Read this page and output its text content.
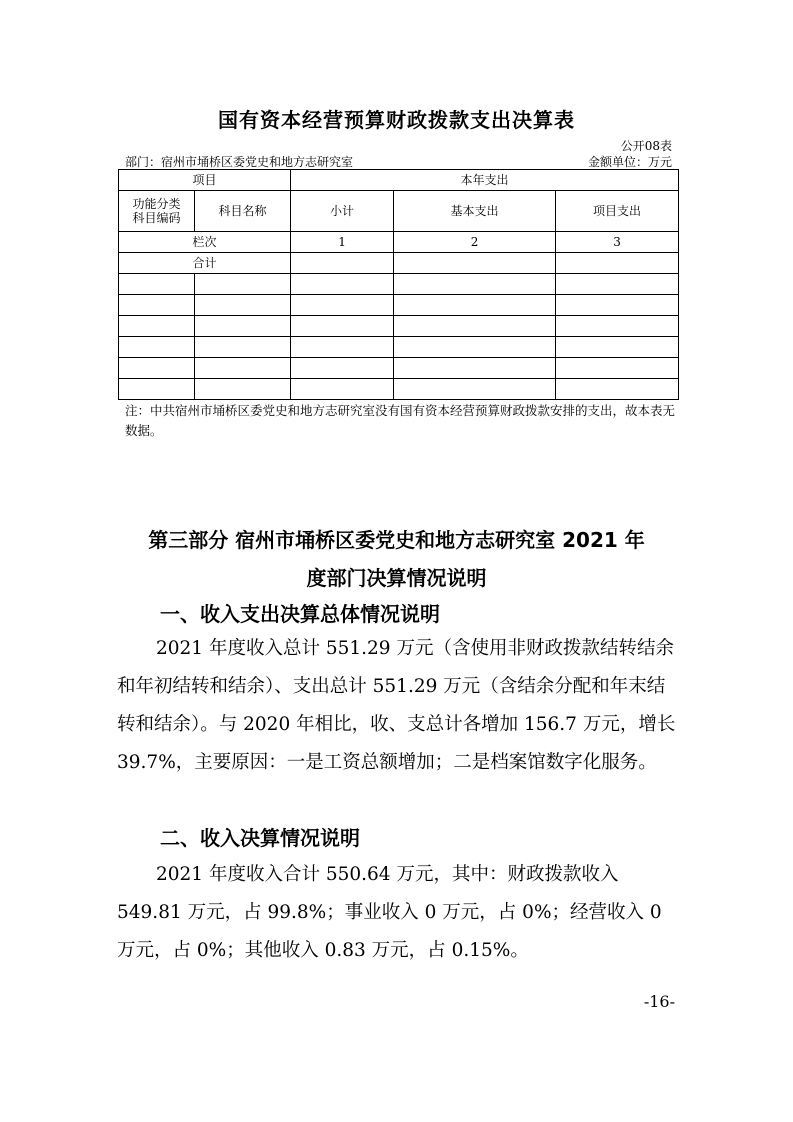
国有资本经营预算财政拨款支出决算表
公开08表
部门：宿州市埇桥区委党史和地方志研究室	金额单位：万元
项目		本年支出		
功能分类
科目编码	科目名称	小计	基本支出	项目支出
栏次		1	2	3
合计				

注：中共宿州市埇桥区委党史和地方志研究室没有国有资本经营预算财政拨款安排的支出，故本表无数据。
第三部分 宿州市埇桥区委党史和地方志研究室 2021 年
度部门决算情况说明
一、收入支出决算总体情况说明
2021 年度收入总计 551.29 万元（含使用非财政拨款结转结余和年初结转和结余）、支出总计 551.29 万元（含结余分配和年末结转和结余）。与 2020 年相比，收、支总计各增加 156.7 万元，增长 39.7%，主要原因：一是工资总额增加；二是档案馆数字化服务。
二、收入决算情况说明
2021 年度收入合计 550.64 万元，其中：财政拨款收入 549.81 万元，占 99.8%；事业收入 0 万元，占 0%；经营收入 0 万元，占 0%；其他收入 0.83 万元，占 0.15%。
-16-
